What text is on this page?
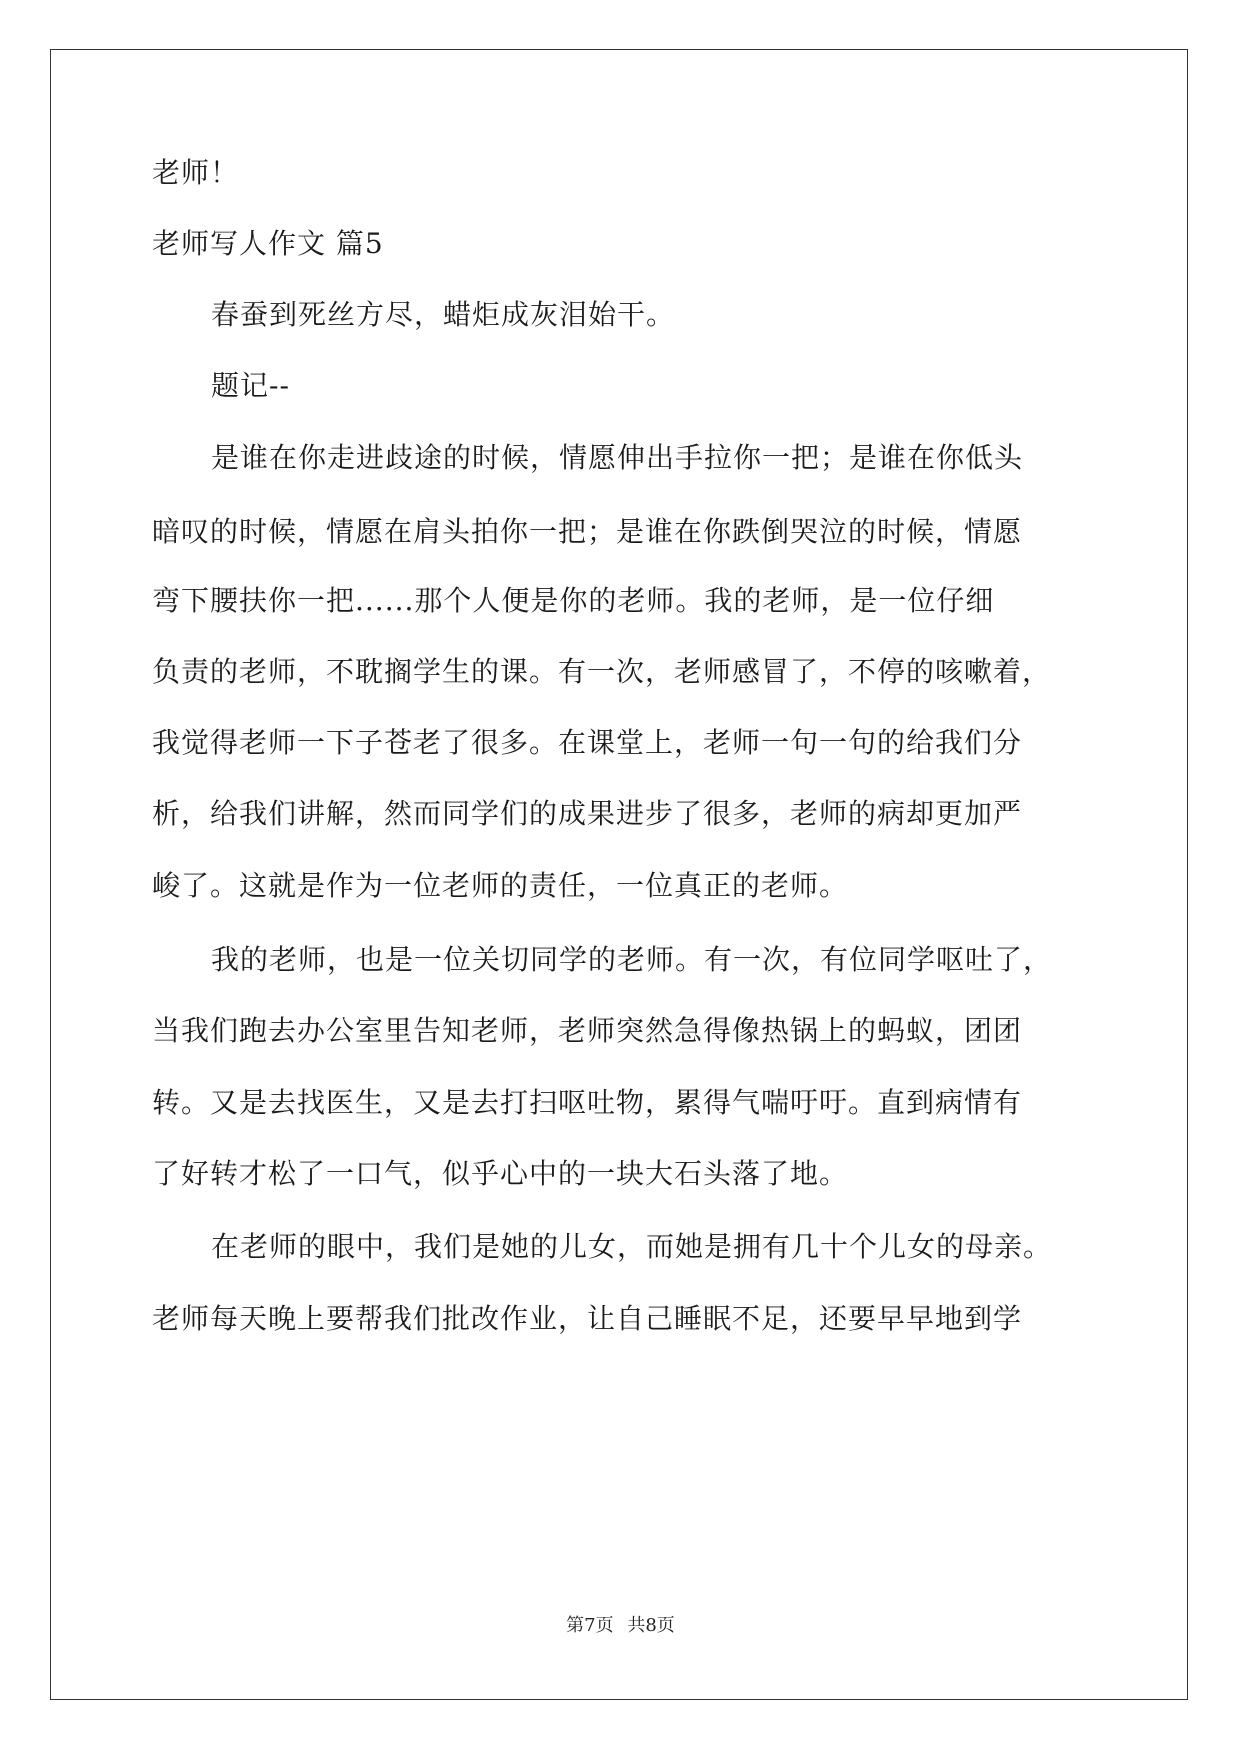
老师！
老师写人作文 篇5
春蚕到死丝方尽，蜡炬成灰泪始干。
题记--
是谁在你走进歧途的时候，情愿伸出手拉你一把；是谁在你低头
暗叹的时候，情愿在肩头拍你一把；是谁在你跌倒哭泣的时候，情愿
弯下腰扶你一把......那个人便是你的老师。我的老师，是一位仔细
负责的老师，不耽搁学生的课。有一次，老师感冒了，不停的咳嗽着，
我觉得老师一下子苍老了很多。在课堂上，老师一句一句的给我们分
析，给我们讲解，然而同学们的成果进步了很多，老师的病却更加严
峻了。这就是作为一位老师的责任，一位真正的老师。
我的老师，也是一位关切同学的老师。有一次，有位同学呕吐了，
当我们跑去办公室里告知老师，老师突然急得像热锅上的蚂蚁，团团
转。又是去找医生，又是去打扫呕吐物，累得气喘吁吁。直到病情有
了好转才松了一口气，似乎心中的一块大石头落了地。
在老师的眼中，我们是她的儿女，而她是拥有几十个儿女的母亲。
老师每天晚上要帮我们批改作业，让自己睡眠不足，还要早早地到学
第7页 共8页
